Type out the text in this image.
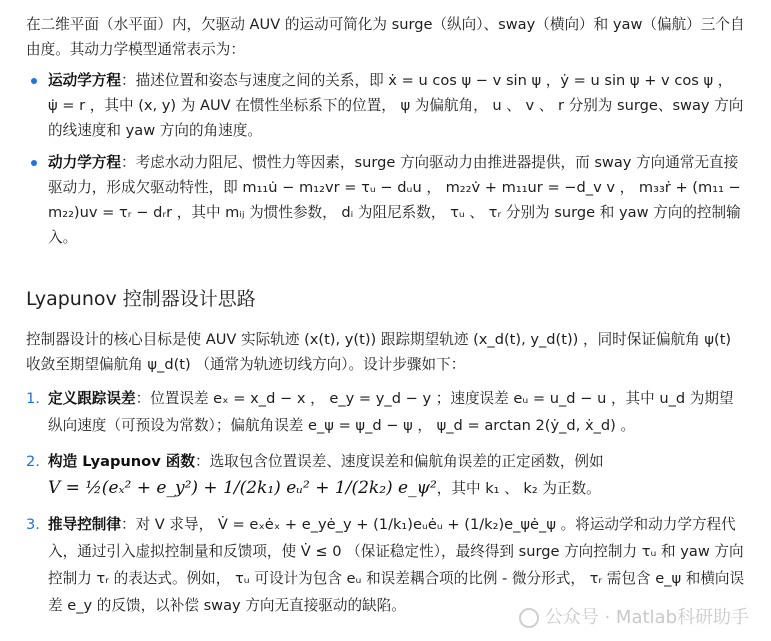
在二维平面（水平面）内，欠驱动 AUV 的运动可简化为 surge（纵向）、sway（横向）和 yaw（偏航）三个自由度。其动力学模型通常表示为：

运动学方程：描述位置和姿态与速度之间的关系，即 ẋ = u cos ψ − v sin ψ ，ẏ = u sin ψ + v cos ψ ， ψ̇ = r ，其中 (x, y) 为 AUV 在惯性坐标系下的位置， ψ 为偏航角， u 、 v 、 r 分别为 surge、sway 方向的线速度和 yaw 方向的角速度。
动力学方程：考虑水动力阻尼、惯性力等因素，surge 方向驱动力由推进器提供，而 sway 方向通常无直接驱动力，形成欠驱动特性，即 m₁₁u̇ − m₁₂vr = τᵤ − dᵤu ， m₂₂v̇ + m₁₁ur = −d_v v ， m₃₃ṙ + (m₁₁ − m₂₂)uv = τᵣ − dᵣr ，其中 mᵢⱼ 为惯性参数， dᵢ 为阻尼系数， τᵤ 、 τᵣ 分别为 surge 和 yaw 方向的控制输入。
Lyapunov 控制器设计思路

控制器设计的核心目标是使 AUV 实际轨迹 (x(t), y(t)) 跟踪期望轨迹 (x_d(t), y_d(t)) ，同时保证偏航角 ψ(t) 收敛至期望偏航角 ψ_d(t) （通常为轨迹切线方向）。设计步骤如下：

1. 定义跟踪误差：位置误差 eₓ = x_d − x ， e_y = y_d − y ；速度误差 eᵤ = u_d − u ，其中 u_d 为期望纵向速度（可预设为常数）；偏航角误差 e_ψ = ψ_d − ψ ， ψ_d = arctan 2(ẏ_d, ẋ_d) 。
2. 构造 Lyapunov 函数：选取包含位置误差、速度误差和偏航角误差的正定函数，例如
V = ½(eₓ² + e_y²) + 1/(2k₁) eᵤ² + 1/(2k₂) e_ψ²，其中 k₁ 、 k₂ 为正数。
3. 推导控制律：对 V 求导， V̇ = eₓėₓ + e_yė_y + (1/k₁)eᵤėᵤ + (1/k₂)e_ψė_ψ 。将运动学和动力学方程代入，通过引入虚拟控制量和反馈项，使 V̇ ≤ 0 （保证稳定性），最终得到 surge 方向控制力 τᵤ 和 yaw 方向控制力 τᵣ 的表达式。例如， τᵤ 可设计为包含 eᵤ 和误差耦合项的比例 - 微分形式， τᵣ 需包含 e_ψ 和横向误差 e_y 的反馈，以补偿 sway 方向无直接驱动的缺陷。
公众号 · Matlab科研助手
